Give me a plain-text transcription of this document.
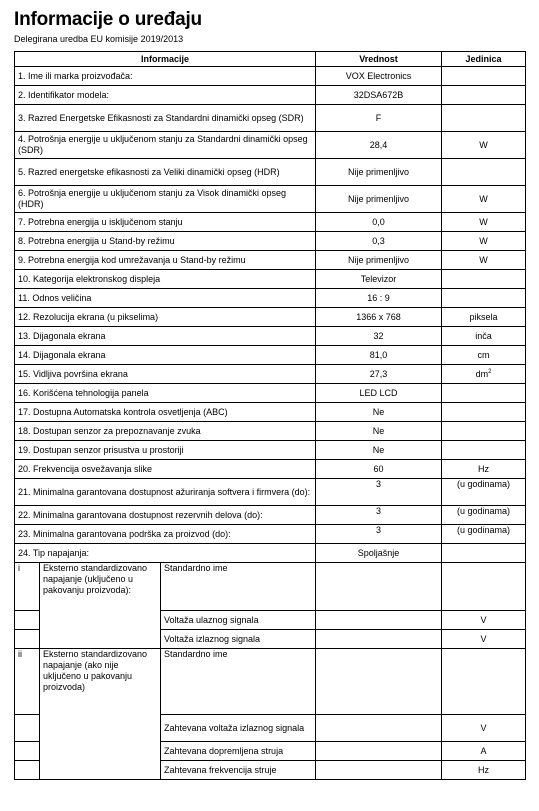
Informacije o uređaju
Delegirana uredba EU komisije 2019/2013
Informacije			Vrednost	Jedinica
1. Ime ili marka proizvođača:			VOX Electronics	
2. Identifikator modela:			32DSA672B	
3. Razred Energetske Efikasnosti za Standardni dinamički opseg (SDR)			F	
4. Potrošnja energije u uključenom stanju za Standardni dinamički opseg (SDR)			28,4	W
5. Razred energetske efikasnosti za Veliki dinamički opseg (HDR)			Nije primenljivo	
6. Potrošnja energije u uključenom stanju za Visok dinamički opseg (HDR)			Nije primenljivo	W
7. Potrebna energija u isključenom stanju			0,0	W
8. Potrebna energija u Stand-by režimu			0,3	W
9. Potrebna energija kod umrežavanja u Stand-by režimu			Nije primenljivo	W
10. Kategorija elektronskog displeja			Televizor	
11. Odnos veličina			16 : 9	
12. Rezolucija ekrana (u pikselima)			1366 x 768	piksela
13. Dijagonala ekrana			32	inča
14. Dijagonala ekrana			81,0	cm
15. Vidljiva površina ekrana			27,3	$dm^2$
16. Korišćena tehnologija panela			LED LCD	
17. Dostupna Automatska kontrola osvetljenja (ABC)			Ne	
18. Dostupan senzor za prepoznavanje zvuka			Ne	
19. Dostupan senzor prisustva u prostoriji			Ne	
20. Frekvencija osvežavanja slike			60	Hz
21. Minimalna garantovana dostupnost ažuriranja softvera i firmvera (do):			3	(u godinama)
22. Minimalna garantovana dostupnost rezervnih delova (do):			3	(u godinama)
23. Minimalna garantovana podrška za proizvod (do):			3	(u godinama)
24. Tip napajanja:			Spoljašnje	
i	Eksterno standardizovano napajanje (uključeno u pakovanju proizvoda):	Standardno ime		
		Voltaža ulaznog signala		V
		Voltaža izlaznog signala		V
ii	Eksterno standardizovano napajanje (ako nije uključeno u pakovanju proizvoda)	Standardno ime		
		Zahtevana voltaža izlaznog signala		V
		Zahtevana dopremljena struja		A
		Zahtevana frekvencija struje		Hz
